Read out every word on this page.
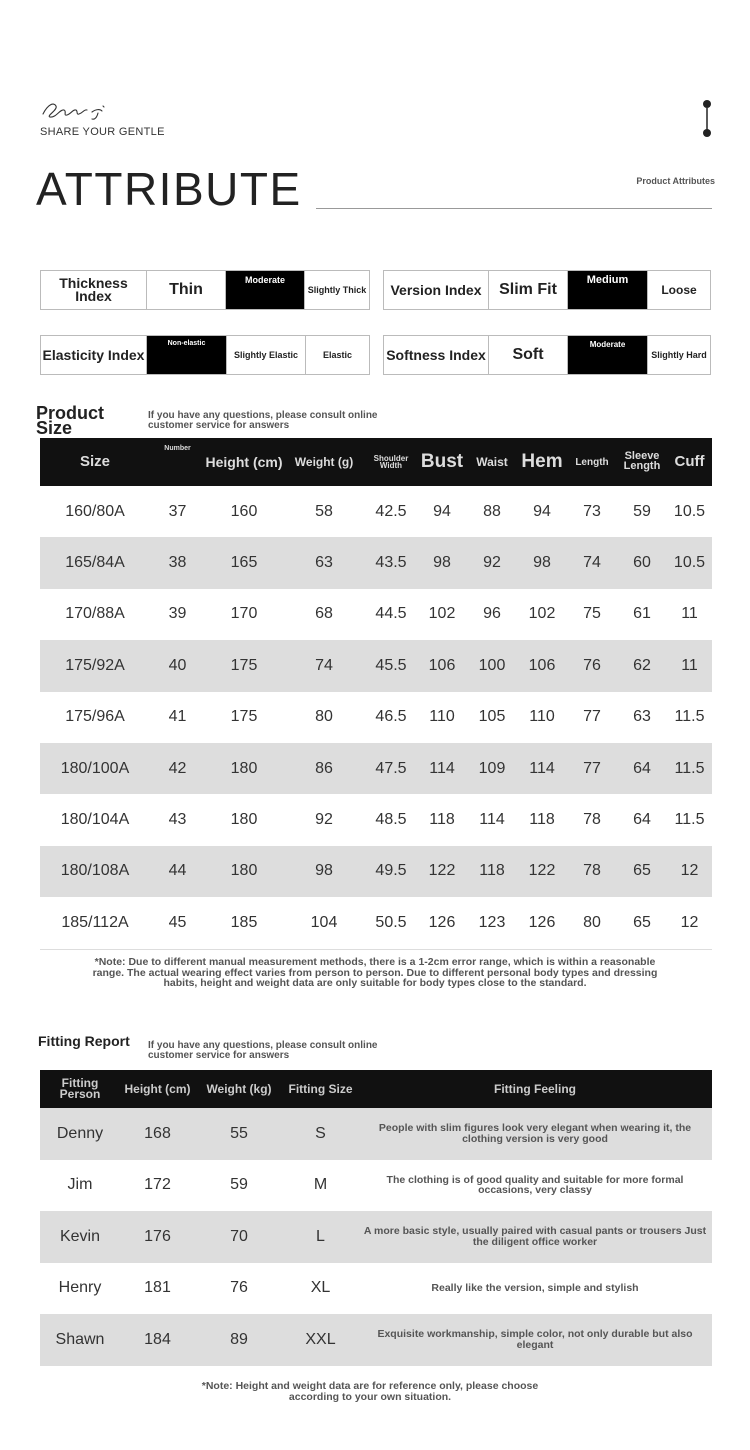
SHARE YOUR GENTLE
ATTRIBUTE	Product Attributes
Thickness Index	Thin
Moderate
Slightly Thick	Version Index	Slim Fit
Medium
Loose
Elasticity Index
Non-elastic
Slightly Elastic	Elastic	Softness Index	Soft
Moderate
Slightly Hard
Product Size
If you have any questions, please consult online customer service for answers
Size	Number	Height (cm)	Weight (g)	Shoulder Width	Bust	Waist	Hem	Length	Sleeve Length	Cuff
160/80A	37	160	58	42.5	94	88	94	73	59	10.5
165/84A	38	165	63	43.5	98	92	98	74	60	10.5
170/88A	39	170	68	44.5	102	96	102	75	61	11
175/92A	40	175	74	45.5	106	100	106	76	62	11
175/96A	41	175	80	46.5	110	105	110	77	63	11.5
180/100A	42	180	86	47.5	114	109	114	77	64	11.5
180/104A	43	180	92	48.5	118	114	118	78	64	11.5
180/108A	44	180	98	49.5	122	118	122	78	65	12
185/112A	45	185	104	50.5	126	123	126	80	65	12
*Note: Due to different manual measurement methods, there is a 1-2cm error range, which is within a reasonable range. The actual wearing effect varies from person to person. Due to different personal body types and dressing habits, height and weight data are only suitable for body types close to the standard.
Fitting Report	If you have any questions, please consult online customer service for answers
Fitting Person	Height (cm)	Weight (kg)	Fitting Size	Fitting Feeling
Denny	168	55	S	People with slim figures look very elegant when wearing it, the clothing version is very good
Jim	172	59	M	The clothing is of good quality and suitable for more formal occasions, very classy
Kevin	176	70	L	A more basic style, usually paired with casual pants or trousers Just the diligent office worker
Henry	181	76	XL	Really like the version, simple and stylish
Shawn	184	89	XXL	Exquisite workmanship, simple color, not only durable but also elegant
*Note: Height and weight data are for reference only, please choose according to your own situation.
